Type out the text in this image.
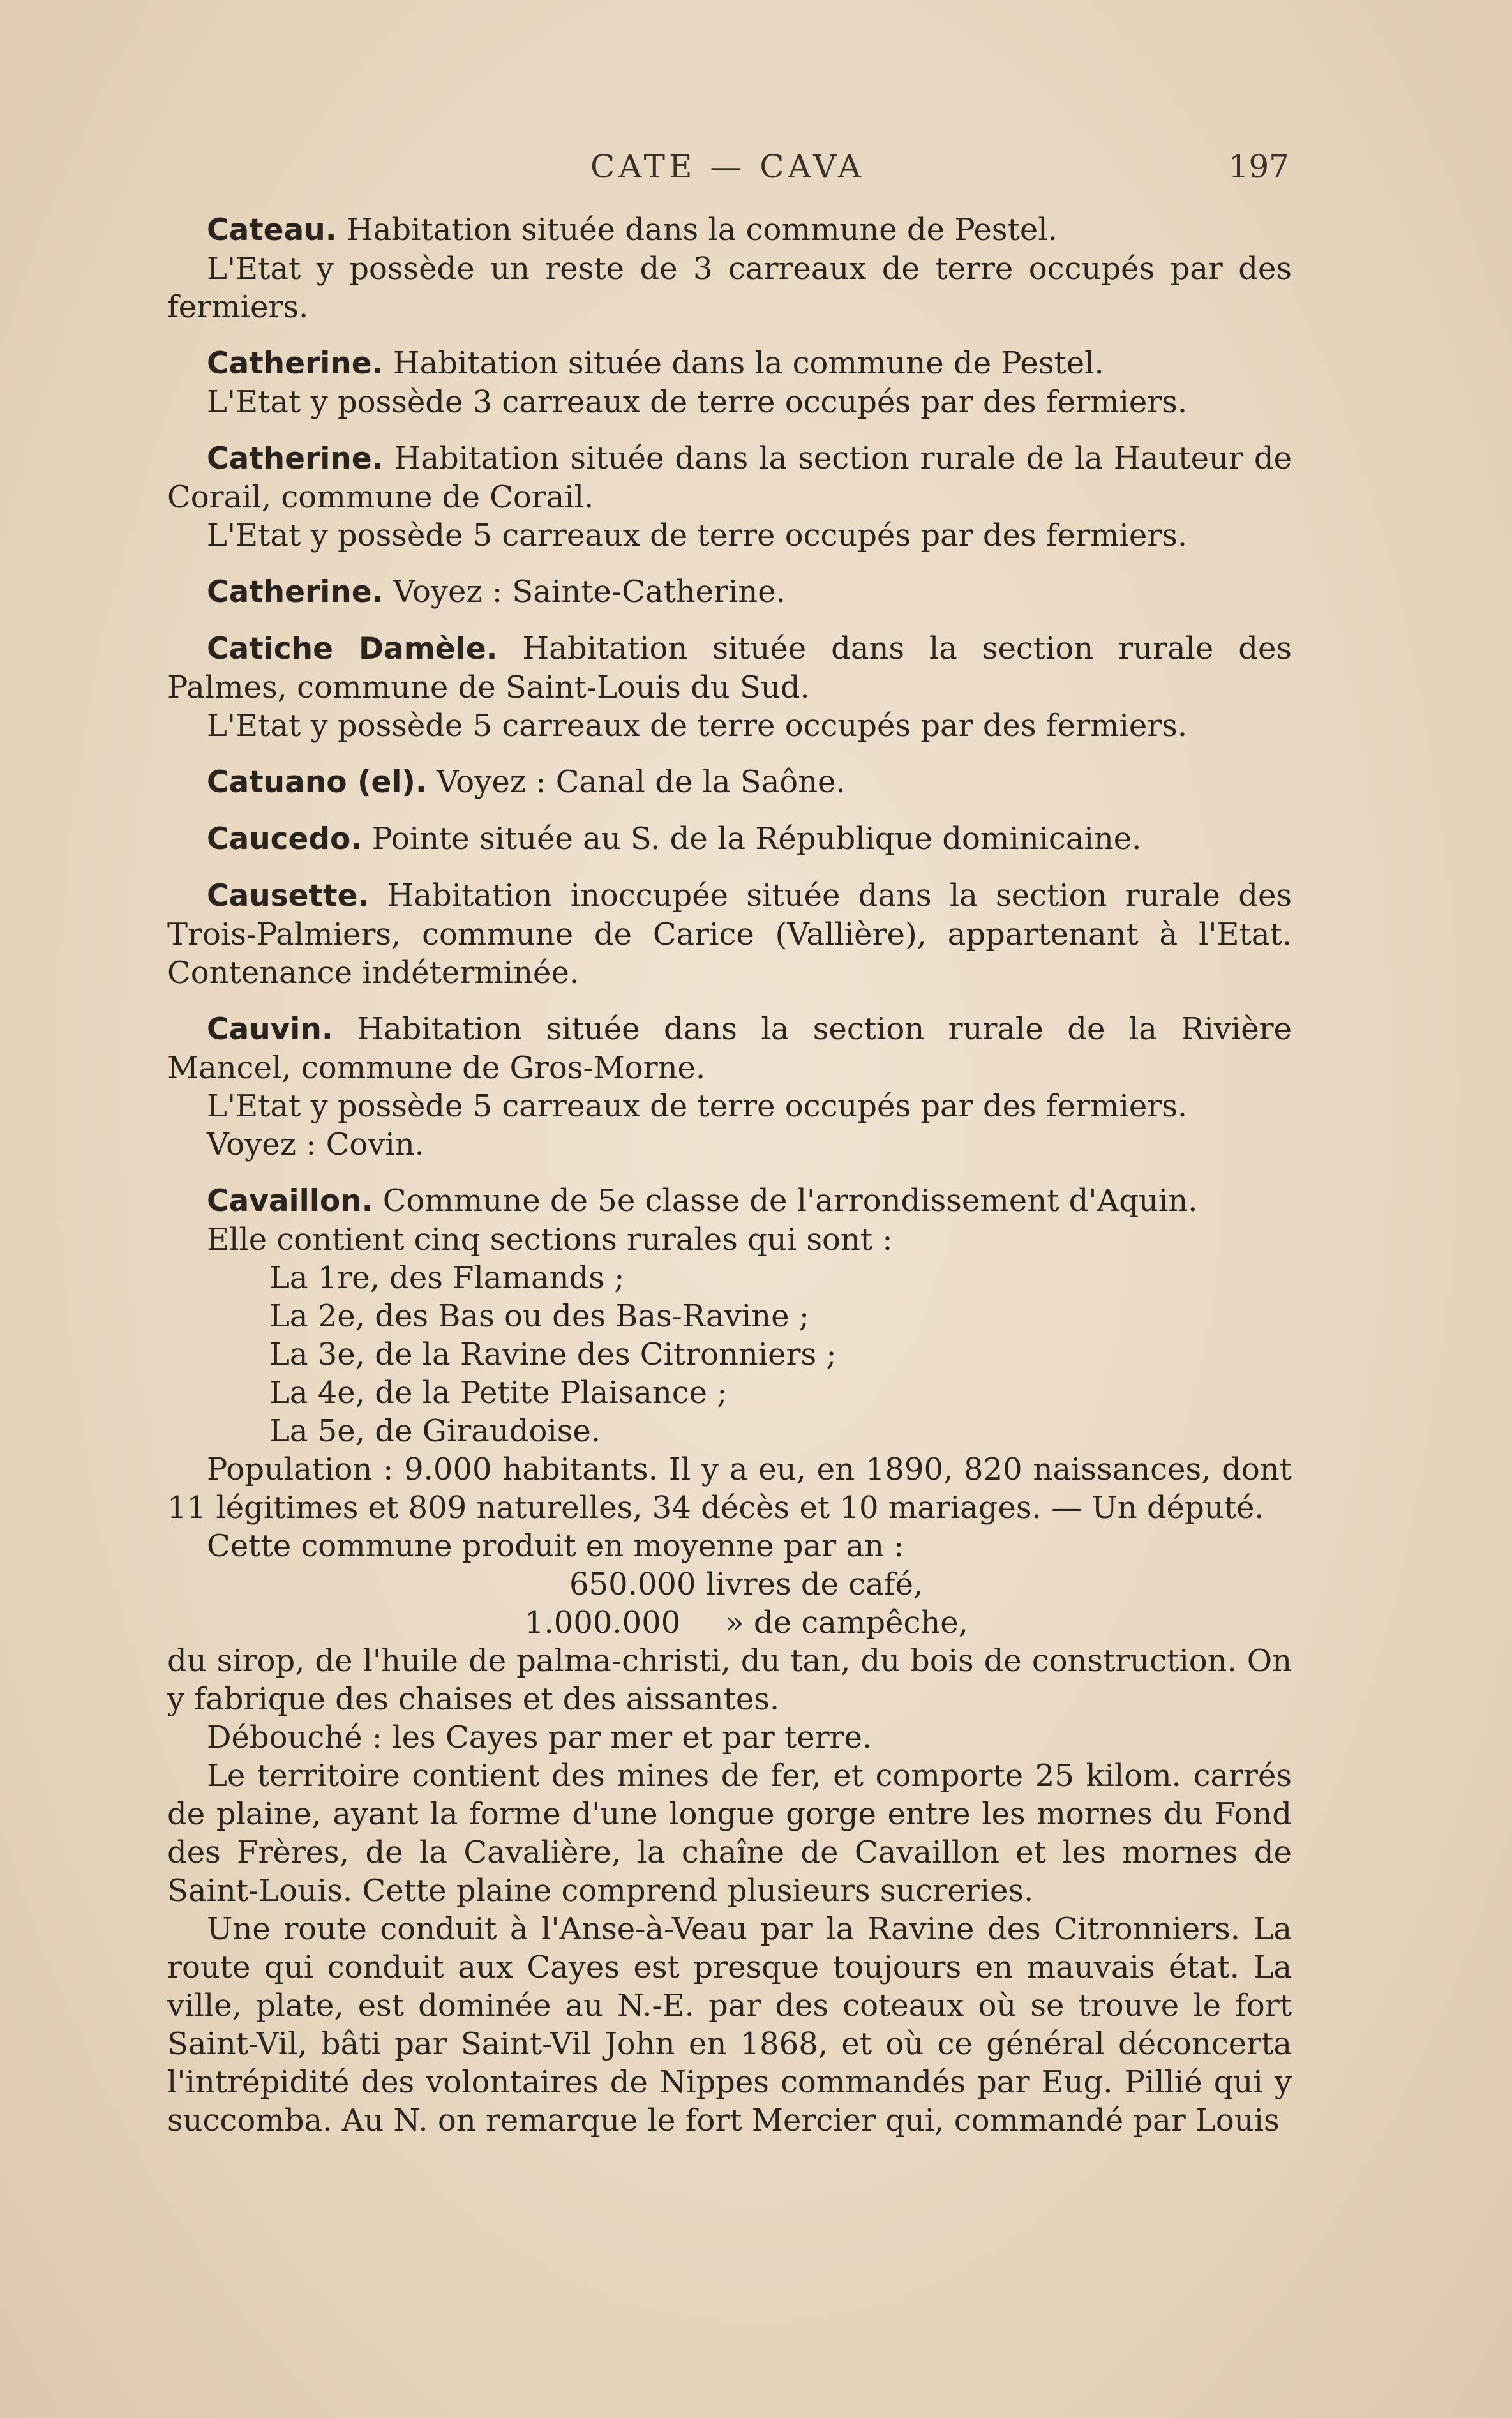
CATE — CAVA	197

Cateau. Habitation située dans la commune de Pestel.

L'Etat y possède un reste de 3 carreaux de terre occupés par des fermiers.

Catherine. Habitation située dans la commune de Pestel.

L'Etat y possède 3 carreaux de terre occupés par des fermiers.

Catherine. Habitation située dans la section rurale de la Hauteur de Corail, commune de Corail.

L'Etat y possède 5 carreaux de terre occupés par des fermiers.

Catherine. Voyez : Sainte-Catherine.

Catiche Damèle. Habitation située dans la section rurale des Palmes, commune de Saint-Louis du Sud.

L'Etat y possède 5 carreaux de terre occupés par des fermiers.

Catuano (el). Voyez : Canal de la Saône.

Caucedo. Pointe située au S. de la République dominicaine.

Causette. Habitation inoccupée située dans la section rurale des Trois-Palmiers, commune de Carice (Vallière), appartenant à l'Etat. Contenance indéterminée.

Cauvin. Habitation située dans la section rurale de la Rivière Mancel, commune de Gros-Morne.

L'Etat y possède 5 carreaux de terre occupés par des fermiers.

Voyez : Covin.

Cavaillon. Commune de 5e classe de l'arrondissement d'Aquin.

Elle contient cinq sections rurales qui sont :

La 1re, des Flamands ;
La 2e, des Bas ou des Bas-Ravine ;
La 3e, de la Ravine des Citronniers ;
La 4e, de la Petite Plaisance ;
La 5e, de Giraudoise.

Population : 9.000 habitants. Il y a eu, en 1890, 820 naissances, dont 11 légitimes et 809 naturelles, 34 décès et 10 mariages. — Un député.

Cette commune produit en moyenne par an :

650.000 livres de café,

1.000.000 » de campêche,

du sirop, de l'huile de palma-christi, du tan, du bois de construction. On y fabrique des chaises et des aissantes.

Débouché : les Cayes par mer et par terre.

Le territoire contient des mines de fer, et comporte 25 kilom. carrés de plaine, ayant la forme d'une longue gorge entre les mornes du Fond des Frères, de la Cavalière, la chaîne de Cavaillon et les mornes de Saint-Louis. Cette plaine comprend plusieurs sucreries.

Une route conduit à l'Anse-à-Veau par la Ravine des Citronniers. La route qui conduit aux Cayes est presque toujours en mauvais état. La ville, plate, est dominée au N.-E. par des coteaux où se trouve le fort Saint-Vil, bâti par Saint-Vil John en 1868, et où ce général déconcerta l'intrépidité des volontaires de Nippes commandés par Eug. Pillié qui y succomba. Au N. on remarque le fort Mercier qui, commandé par Louis
